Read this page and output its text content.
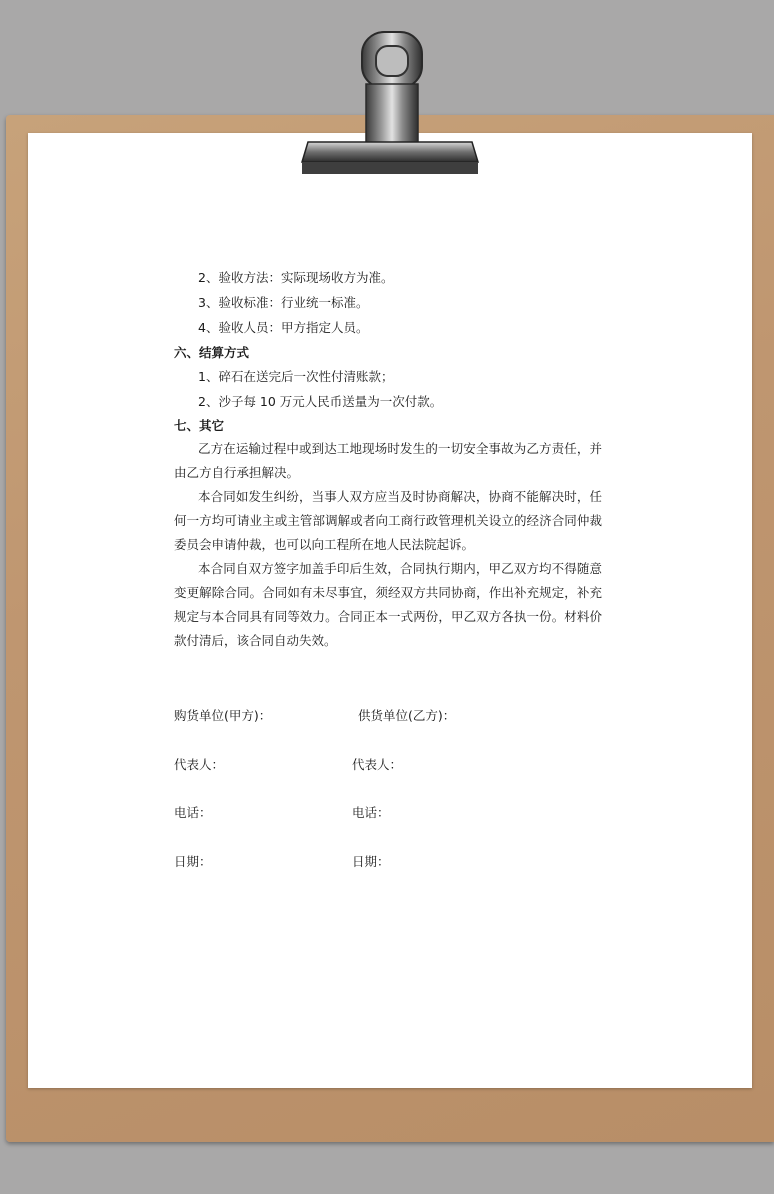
2、验收方法：实际现场收方为准。
3、验收标准：行业统一标准。
4、验收人员：甲方指定人员。
六、结算方式
1、碎石在送完后一次性付清账款；
2、沙子每 10 万元人民币送量为一次付款。
七、其它
乙方在运输过程中或到达工地现场时发生的一切安全事故为乙方责任，并
由乙方自行承担解决。
本合同如发生纠纷，当事人双方应当及时协商解决，协商不能解决时，任
何一方均可请业主或主管部调解或者向工商行政管理机关设立的经济合同仲裁
委员会申请仲裁，也可以向工程所在地人民法院起诉。
本合同自双方签字加盖手印后生效，合同执行期内，甲乙双方均不得随意
变更解除合同。合同如有未尽事宜，须经双方共同协商，作出补充规定，补充
规定与本合同具有同等效力。合同正本一式两份，甲乙双方各执一份。材料价
款付清后，该合同自动失效。
购货单位(甲方)：	供货单位(乙方)：
代表人：	代表人：
电话：	电话：
日期：	日期：
